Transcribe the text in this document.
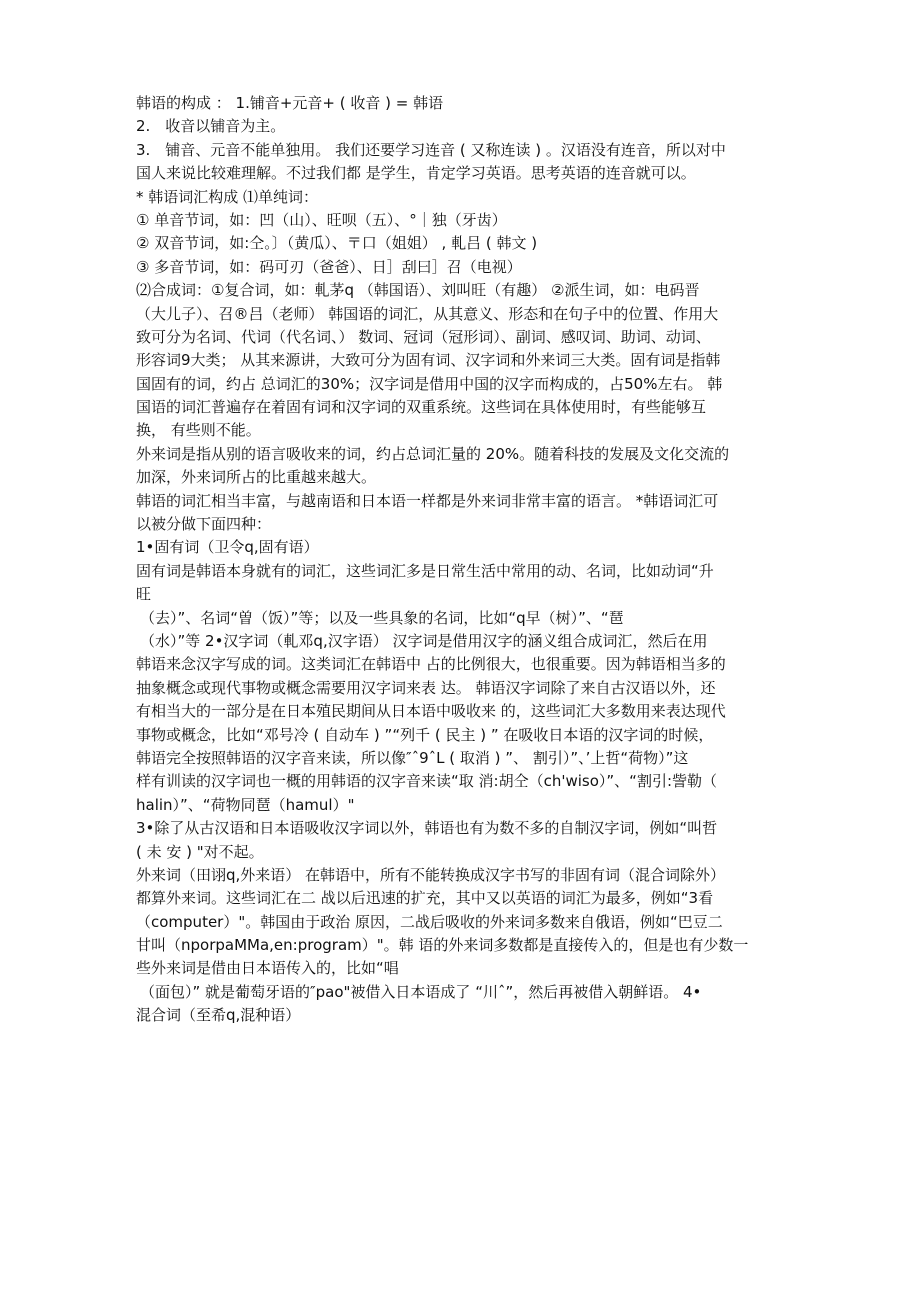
韩语的构成 ： 1.铺音+元音+ ( 收音 ) = 韩语
2.　收音以铺音为主。
3.　铺音、元音不能单独用。 我们还要学习连音 ( 又称连读 ) 。汉语没有连音，所以对中
国人来说比较难理解。不过我们都 是学生，肯定学习英语。思考英语的连音就可以。
* 韩语词汇构成 ⑴单纯词：
① 单音节词，如：凹（山）、旺呗（五）、°｜独（牙齿）
② 双音节词，如:仝。〕（黄瓜）、〒口（姐姐） , 軋吕 ( 韩文 )
③ 多音节词，如：码可刃（爸爸）、日］刮曰］召（电视）
⑵合成词：①复合词，如：軋茅q （韩国语）、刘叫旺（有趣） ②派生词，如：电码晋
（大儿子）、召®吕（老师） 韩国语的词汇，从其意义、形态和在句子中的位置、作用大
致可分为名词、代词（代名词、） 数词、冠词（冠形词）、副词、感叹词、助词、动词、
形容词9大类； 从其来源讲，大致可分为固有词、汉字词和外来词三大类。固有词是指韩
国固有的词，约占 总词汇的30%；汉字词是借用中国的汉字而构成的，占50%左右。 韩
国语的词汇普遍存在着固有词和汉字词的双重系统。这些词在具体使用时，有些能够互
换， 有些则不能。
外来词是指从别的语言吸收来的词，约占总词汇量的 20%。随着科技的发展及文化交流的
加深，外来词所占的比重越来越大。
韩语的词汇相当丰富，与越南语和日本语一样都是外来词非常丰富的语言。 *韩语词汇可
以被分做下面四种：
1•固有词（卫令q,固有语）
固有词是韩语本身就有的词汇，这些词汇多是日常生活中常用的动、名词，比如动词“升
旺
（去）”、名词“曽（饭）”等；以及一些具象的名词，比如“q早（树）”、“琶
（水）”等 2•汉字词（軋邓q,汉字语） 汉字词是借用汉字的涵义组合成词汇，然后在用
韩语来念汉字写成的词。这类词汇在韩语中 占的比例很大，也很重要。因为韩语相当多的
抽象概念或现代事物或概念需要用汉字词来表 达。 韩语汉字词除了来自古汉语以外，还
有相当大的一部分是在日本殖民期间从日本语中吸收来 的，这些词汇大多数用来表达现代
事物或概念，比如“邓号冷 ( 自动车 ) ”“列千 ( 民主 ) ” 在吸收日本语的汉字词的时候，
韩语完全按照韩语的汉字音来读，所以像″ˆ9ˆL ( 取消 ) ”、 割引）”、’上哲“荷物）”这
样有训读的汉字词也一概的用韩语的汉字音来读“取 消:胡仝（ch'wiso）”、“割引:訾勒（
halin）”、“荷物同琶（hamul）"
3•除了从古汉语和日本语吸收汉字词以外，韩语也有为数不多的自制汉字词，例如“叫哲
( 未 安 ) "对不起。
外来词（田诩q,外来语） 在韩语中，所有不能转换成汉字书写的非固有词（混合词除外）
都算外来词。这些词汇在二 战以后迅速的扩充，其中又以英语的词汇为最多，例如“3看
（computer）"。韩国由于政治 原因，二战后吸收的外来词多数来自俄语，例如“巴豆二
甘叫（nporpaMMa,en:program）"。韩 语的外来词多数都是直接传入的，但是也有少数一
些外来词是借由日本语传入的，比如“唱
（面包）” 就是葡萄牙语的″pao"被借入日本语成了 “川ˆ”，然后再被借入朝鲜语。 4•
混合词（至希q,混种语）
